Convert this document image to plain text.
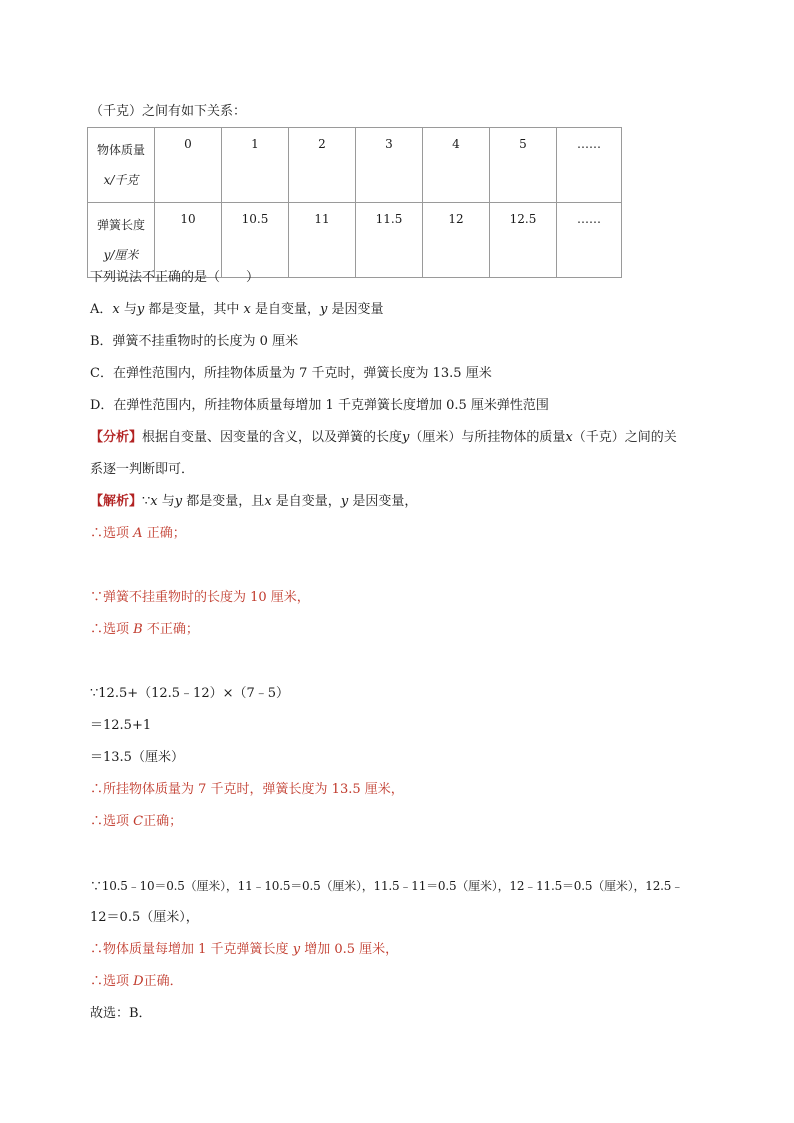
（千克）之间有如下关系：
物体质量
x/千克	0	1	2	3	4	5	……

弹簧长度
y/厘米	10	10.5	11	11.5	12	12.5	……
下列说法不正确的是（　　）
A．x 与y 都是变量，其中 x 是自变量，y 是因变量
B．弹簧不挂重物时的长度为 0 厘米
C．在弹性范围内，所挂物体质量为 7 千克时，弹簧长度为 13.5 厘米
D．在弹性范围内，所挂物体质量每增加 1 千克弹簧长度增加 0.5 厘米弹性范围
【分析】根据自变量、因变量的含义，以及弹簧的长度y（厘米）与所挂物体的质量x（千克）之间的关
系逐一判断即可．
【解析】∵x 与y 都是变量，且x 是自变量，y 是因变量，
∴选项 A 正确；
∵弹簧不挂重物时的长度为 10 厘米，
∴选项 B 不正确；
∵12.5+（12.5﹣12）×（7﹣5）
＝12.5+1
＝13.5（厘米）
∴所挂物体质量为 7 千克时，弹簧长度为 13.5 厘米，
∴选项 C正确；
∵10.5﹣10＝0.5（厘米），11﹣10.5＝0.5（厘米），11.5﹣11＝0.5（厘米），12﹣11.5＝0.5（厘米），12.5﹣
12＝0.5（厘米），
∴物体质量每增加 1 千克弹簧长度 y 增加 0.5 厘米，
∴选项 D正确．
故选：B．
